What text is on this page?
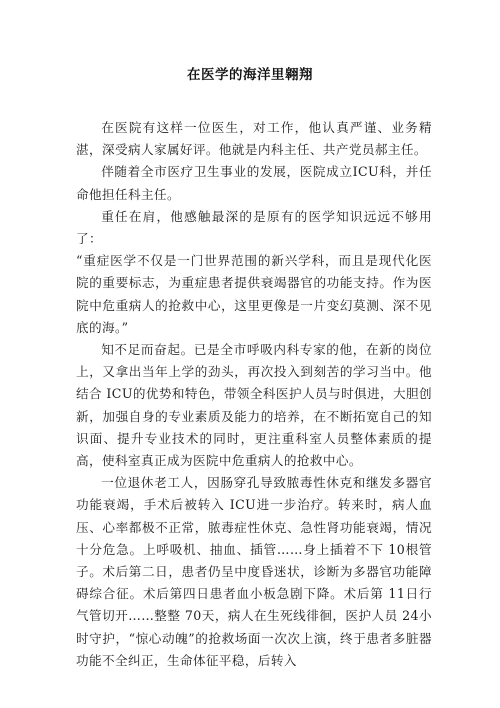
在医学的海洋里翱翔

在医院有这样一位医生，对工作，他认真严谨、业务精湛，深受病人家属好评。他就是内科主任、共产党员郝主任。

伴随着全市医疗卫生事业的发展，医院成立ICU科，并任命他担任科主任。

重任在肩，他感触最深的是原有的医学知识远远不够用了：

“重症医学不仅是一门世界范围的新兴学科，而且是现代化医院的重要标志，为重症患者提供衰竭器官的功能支持。作为医院中危重病人的抢救中心，这里更像是一片变幻莫测、深不见底的海。”

知不足而奋起。已是全市呼吸内科专家的他，在新的岗位上，又拿出当年上学的劲头，再次投入到刻苦的学习当中。他结合 ICU的优势和特色，带领全科医护人员与时俱进，大胆创新，加强自身的专业素质及能力的培养，在不断拓宽自己的知识面、提升专业技术的同时，更注重科室人员整体素质的提高，使科室真正成为医院中危重病人的抢救中心。

一位退休老工人，因肠穿孔导致脓毒性休克和继发多器官功能衰竭，手术后被转入 ICU进一步治疗。转来时，病人血压、心率都极不正常，脓毒症性休克、急性肾功能衰竭，情况十分危急。上呼吸机、抽血、插管……身上插着不下 10根管子。术后第二日，患者仍呈中度昏迷状，诊断为多器官功能障碍综合征。术后第四日患者血小板急剧下降。术后第 11日行气管切开……整整 70天，病人在生死线徘徊，医护人员 24小时守护，“惊心动魄”的抢救场面一次次上演，终于患者多脏器功能不全纠正，生命体征平稳，后转入
